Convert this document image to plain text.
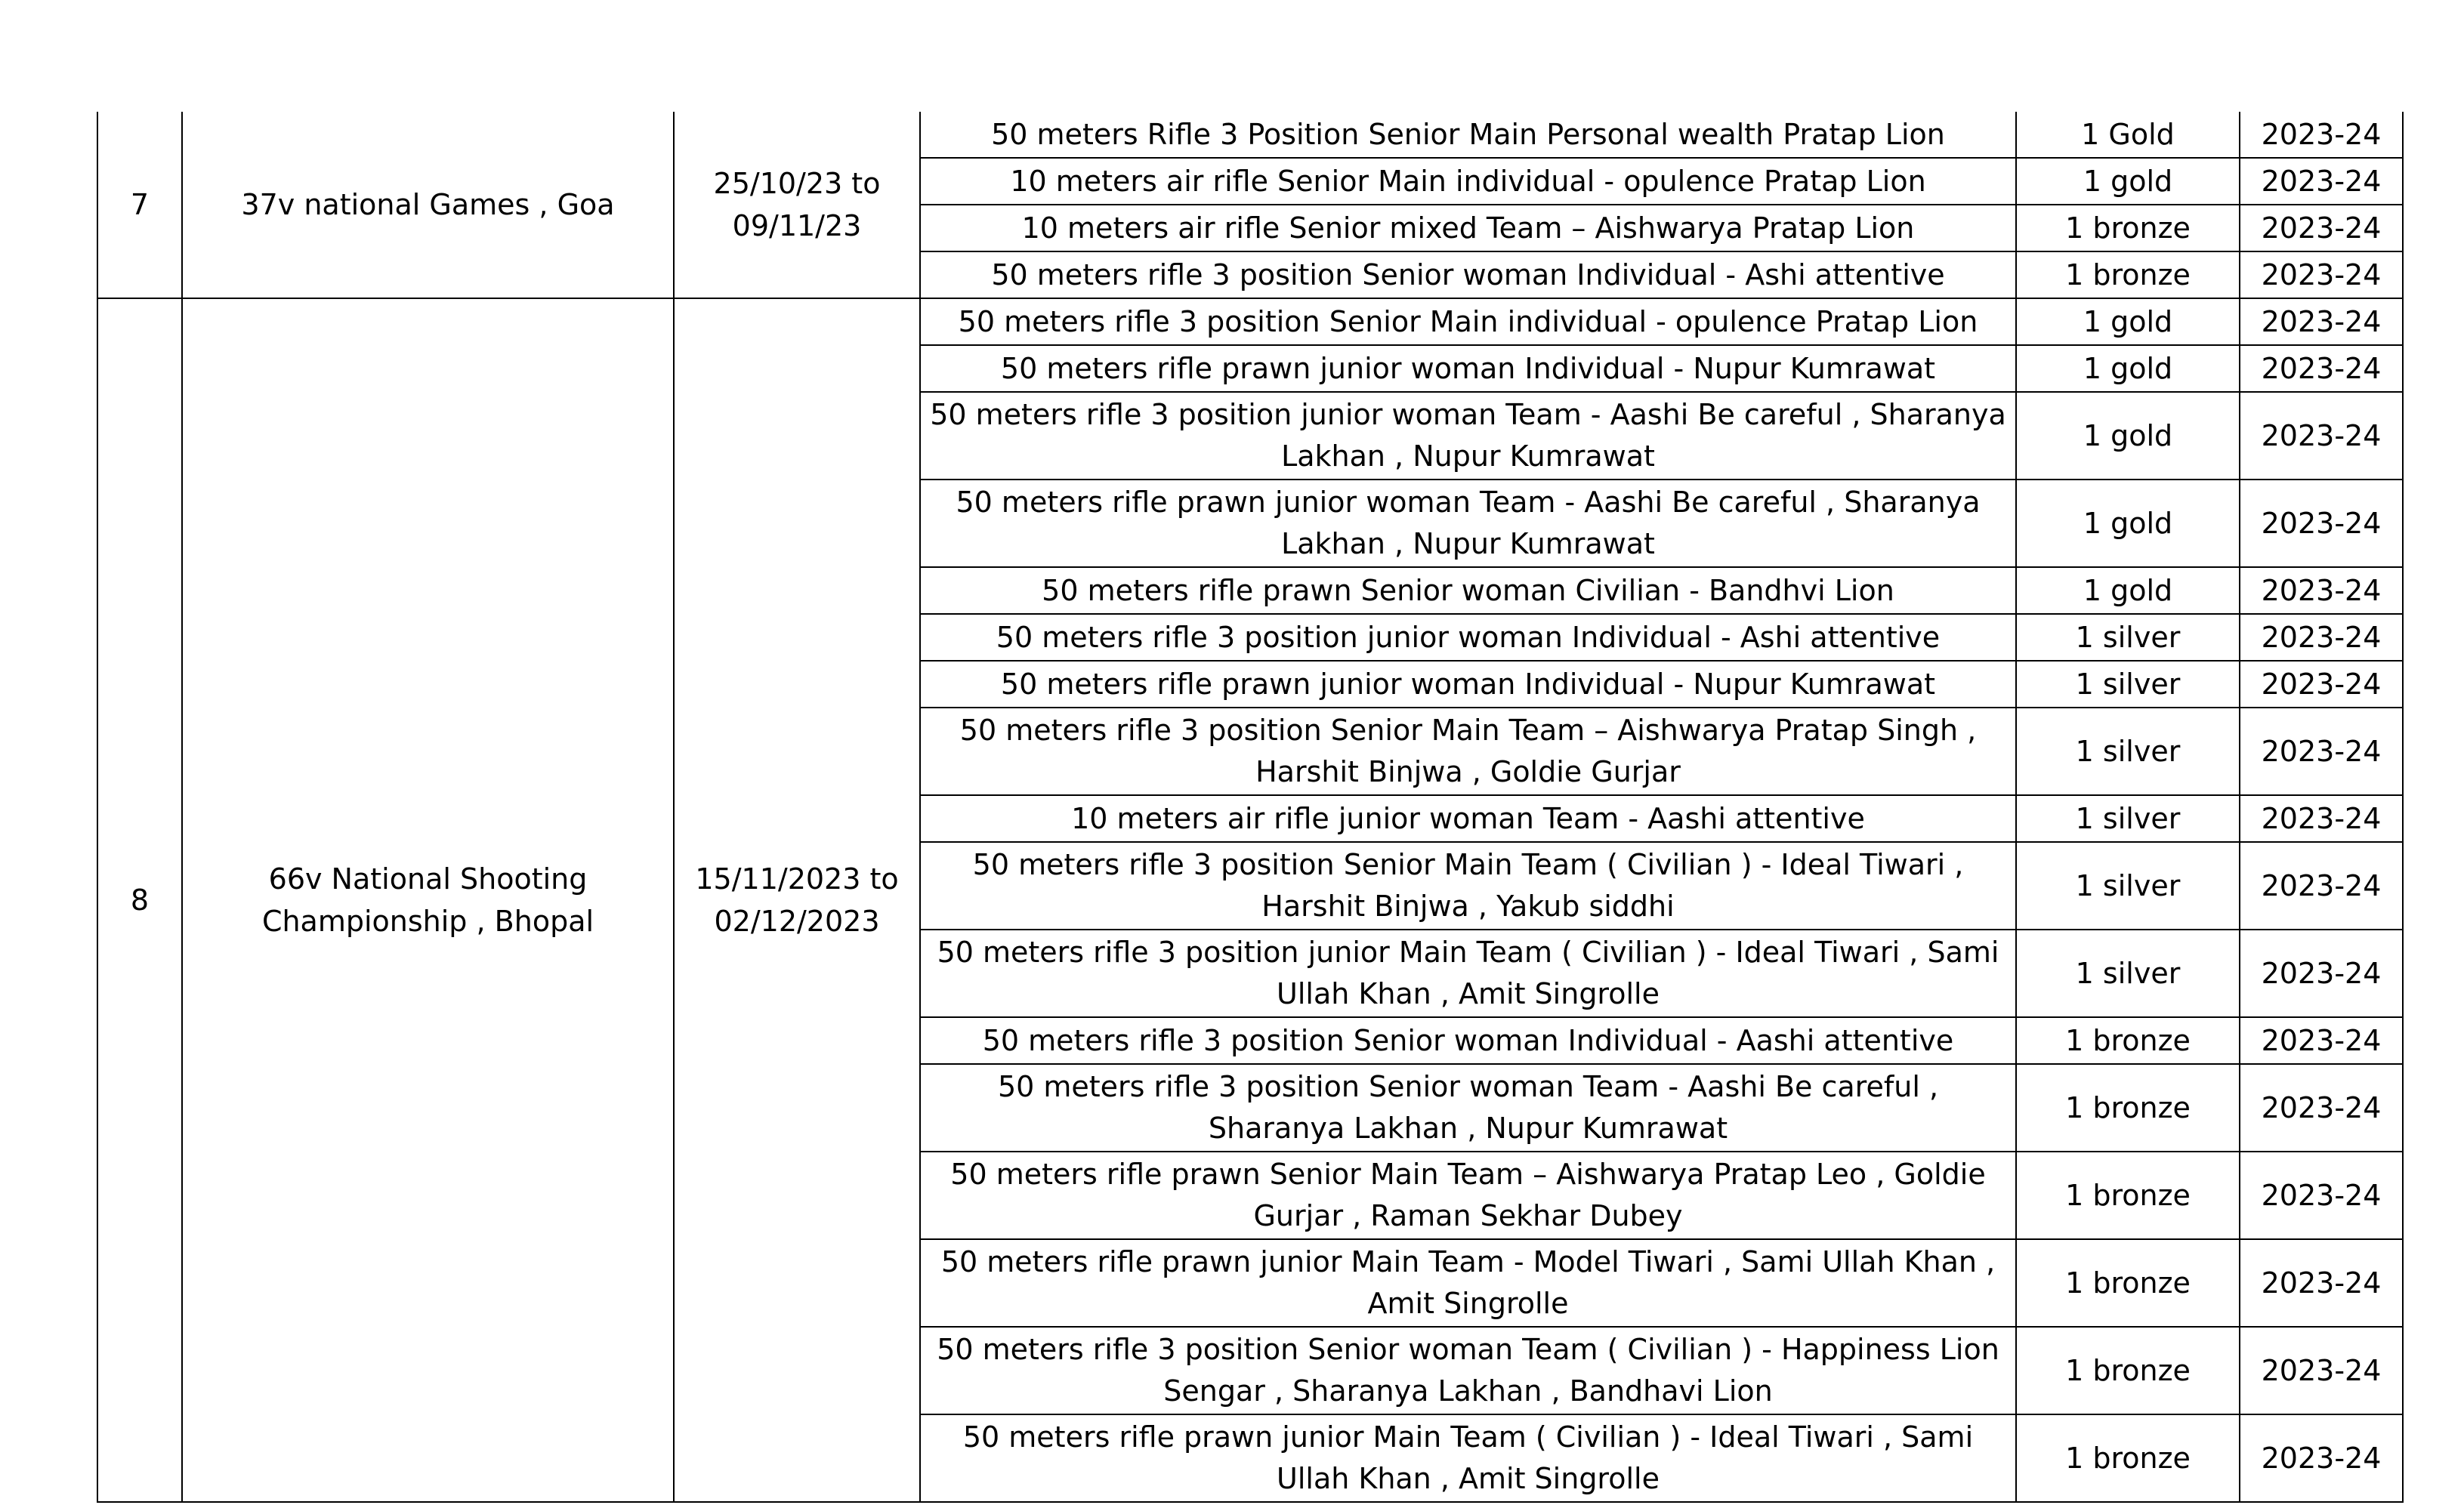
7	37v national Games , Goa	25/10/23 to 09/11/23	50 meters Rifle 3 Position Senior Main Personal wealth Pratap Lion	1 Gold	2023-24
			10 meters air rifle Senior Main individual - opulence Pratap Lion	1 gold	2023-24
			10 meters air rifle Senior mixed Team – Aishwarya Pratap Lion	1 bronze	2023-24
			50 meters rifle 3 position Senior woman Individual - Ashi attentive	1 bronze	2023-24
8	66v National Shooting Championship , Bhopal	15/11/2023 to 02/12/2023	50 meters rifle 3 position Senior Main individual - opulence Pratap Lion	1 gold	2023-24
			50 meters rifle prawn junior woman Individual - Nupur Kumrawat	1 gold	2023-24
			50 meters rifle 3 position junior woman Team - Aashi Be careful , Sharanya Lakhan , Nupur Kumrawat	1 gold	2023-24
			50 meters rifle prawn junior woman Team - Aashi Be careful , Sharanya Lakhan , Nupur Kumrawat	1 gold	2023-24
			50 meters rifle prawn Senior woman Civilian - Bandhvi Lion	1 gold	2023-24
			50 meters rifle 3 position junior woman Individual - Ashi attentive	1 silver	2023-24
			50 meters rifle prawn junior woman Individual - Nupur Kumrawat	1 silver	2023-24
			50 meters rifle 3 position Senior Main Team – Aishwarya Pratap Singh , Harshit Binjwa , Goldie Gurjar	1 silver	2023-24
			10 meters air rifle junior woman Team - Aashi attentive	1 silver	2023-24
			50 meters rifle 3 position Senior Main Team ( Civilian ) - Ideal Tiwari , Harshit Binjwa , Yakub siddhi	1 silver	2023-24
			50 meters rifle 3 position junior Main Team ( Civilian ) - Ideal Tiwari , Sami Ullah Khan , Amit Singrolle	1 silver	2023-24
			50 meters rifle 3 position Senior woman Individual - Aashi attentive	1 bronze	2023-24
			50 meters rifle 3 position Senior woman Team - Aashi Be careful , Sharanya Lakhan , Nupur Kumrawat	1 bronze	2023-24
			50 meters rifle prawn Senior Main Team – Aishwarya Pratap Leo , Goldie Gurjar , Raman Sekhar Dubey	1 bronze	2023-24
			50 meters rifle prawn junior Main Team - Model Tiwari , Sami Ullah Khan , Amit Singrolle	1 bronze	2023-24
			50 meters rifle 3 position Senior woman Team ( Civilian ) - Happiness Lion Sengar , Sharanya Lakhan , Bandhavi Lion	1 bronze	2023-24
			50 meters rifle prawn junior Main Team ( Civilian ) - Ideal Tiwari , Sami Ullah Khan , Amit Singrolle	1 bronze	2023-24
